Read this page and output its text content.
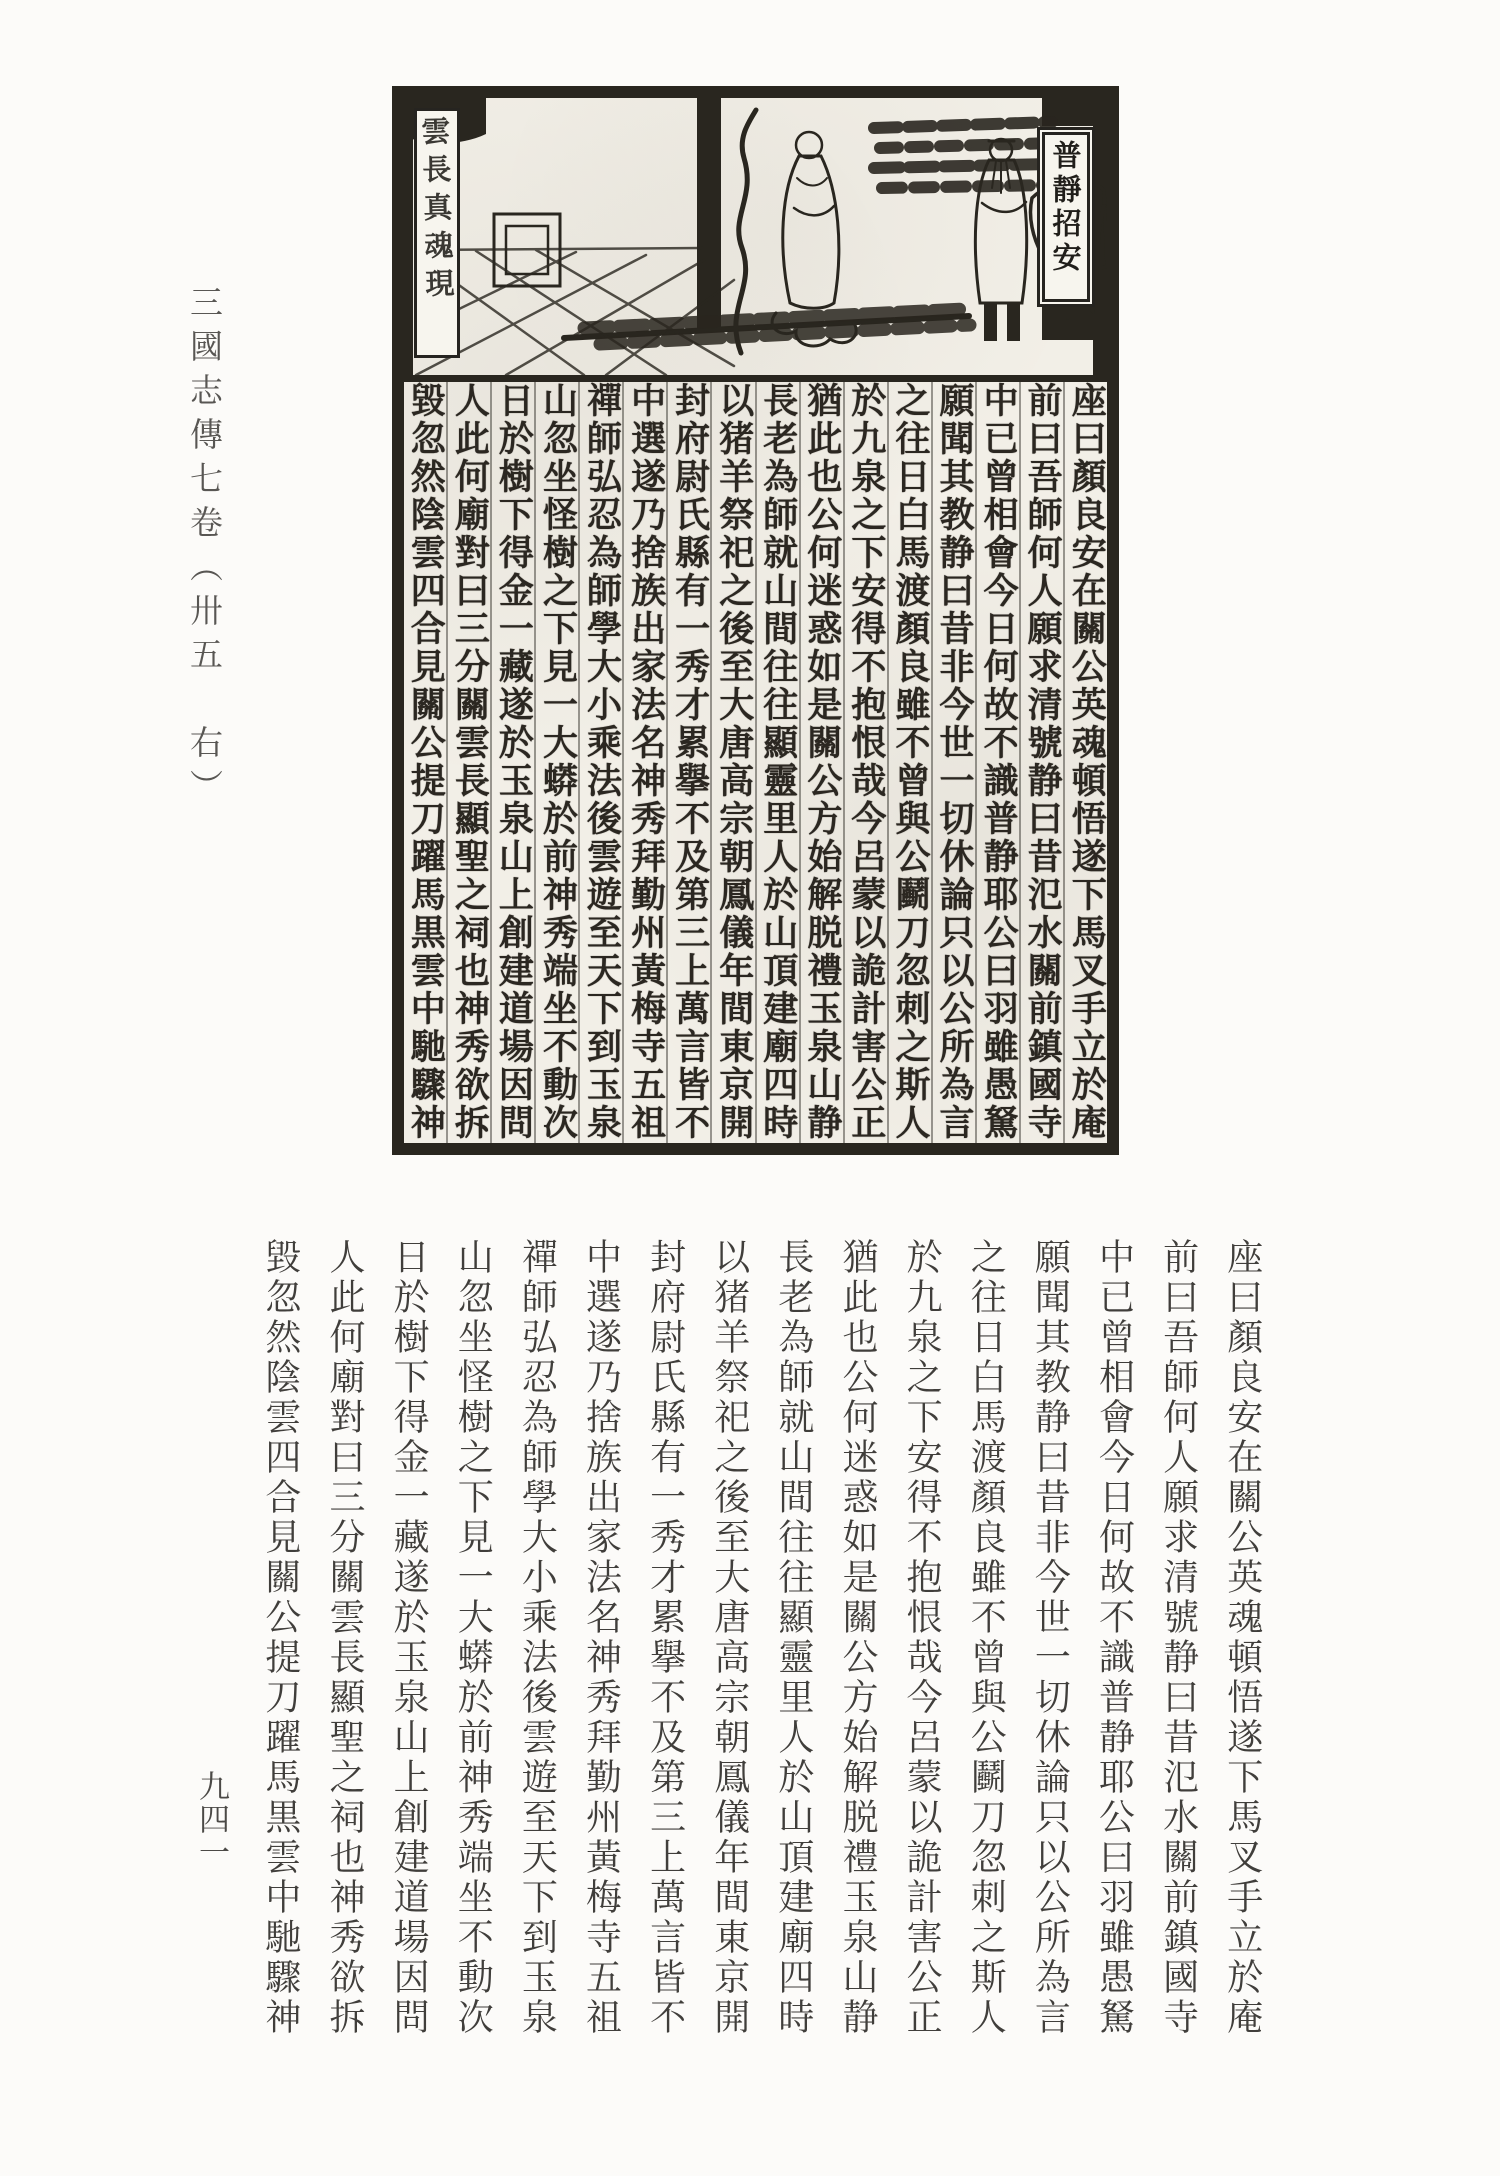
三國志傳七卷（卅五　右）
雲長真魂現	普靜招安
座曰顏良安在關公英魂頓悟遂下馬叉手立於庵
前曰吾師何人願求清號静曰昔氾水關前鎮國寺
中已曾相會今日何故不識普静耶公曰羽雖愚駑
願聞其教静曰昔非今世一切休論只以公所為言
之往日白馬渡顏良雖不曾與公鬬刀忽刺之斯人
於九泉之下安得不抱恨哉今呂蒙以詭計害公正
猶此也公何迷惑如是關公方始解脱禮玉泉山静
長老為師就山間往往顯靈里人於山頂建廟四時
以猪羊祭祀之後至大唐高宗朝鳳儀年間東京開
封府尉氏縣有一秀才累擧不及第三上萬言皆不
中選遂乃捨族出家法名神秀拜勤州黃梅寺五祖
禪師弘忍為師學大小乘法後雲遊至天下到玉泉
山忽坐怪樹之下見一大蟒於前神秀端坐不動次
日於樹下得金一藏遂於玉泉山上創建道場因問
人此何廟對曰三分關雲長顯聖之祠也神秀欲拆
毀忽然陰雲四合見關公提刀躍馬黒雲中馳驟神
座曰顏良安在關公英魂頓悟遂下馬叉手立於庵
前曰吾師何人願求清號静曰昔氾水關前鎮國寺
中已曾相會今日何故不識普静耶公曰羽雖愚駑
願聞其教静曰昔非今世一切休論只以公所為言
之往日白馬渡顏良雖不曾與公鬬刀忽刺之斯人
於九泉之下安得不抱恨哉今呂蒙以詭計害公正
猶此也公何迷惑如是關公方始解脱禮玉泉山静
長老為師就山間往往顯靈里人於山頂建廟四時
以猪羊祭祀之後至大唐高宗朝鳳儀年間東京開
封府尉氏縣有一秀才累擧不及第三上萬言皆不
中選遂乃捨族出家法名神秀拜勤州黃梅寺五祖
禪師弘忍為師學大小乘法後雲遊至天下到玉泉
山忽坐怪樹之下見一大蟒於前神秀端坐不動次
日於樹下得金一藏遂於玉泉山上創建道場因問
人此何廟對曰三分關雲長顯聖之祠也神秀欲拆
毀忽然陰雲四合見關公提刀躍馬黒雲中馳驟神
九四一
